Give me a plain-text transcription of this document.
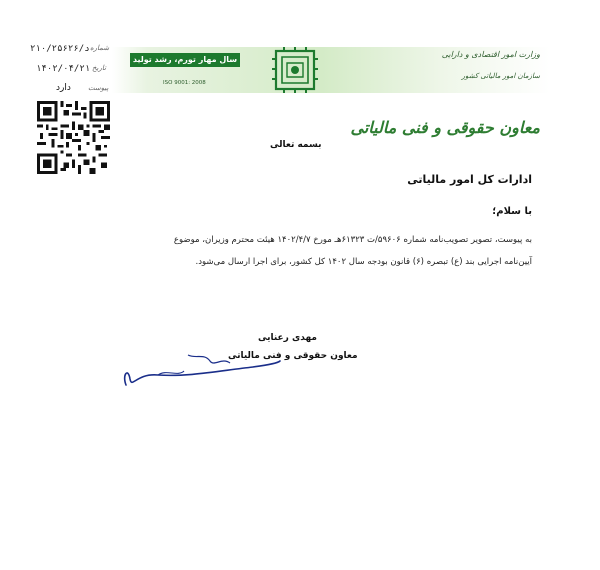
سال مهار تورم، رشد تولید
ISO 9001: 2008
وزارت امور اقتصادی و دارایی
سازمان امور مالیاتی کشور
شماره
۲۱۰/۲۵۶۲۶/د
تاریخ
۱۴۰۲/۰۴/۲۱
پیوست
دارد
معاون حقوقی و فنی مالیاتی
بسمه تعالی
ادارات کل امور مالیاتی
با سلام؛
به پیوست، تصویر تصویب‌نامه شماره ۵۹۶۰۶/ت ۶۱۳۲۳هـ مورخ ۱۴۰۲/۴/۷ هیئت محترم وزیران، موضوع
آیین‌نامه اجرایی بند (ع) تبصره (۶) قانون بودجه سال ۱۴۰۲ کل کشور، برای اجرا ارسال می‌شود.
مهدی رعنایی
معاون حقوقی و فنی مالیاتی
